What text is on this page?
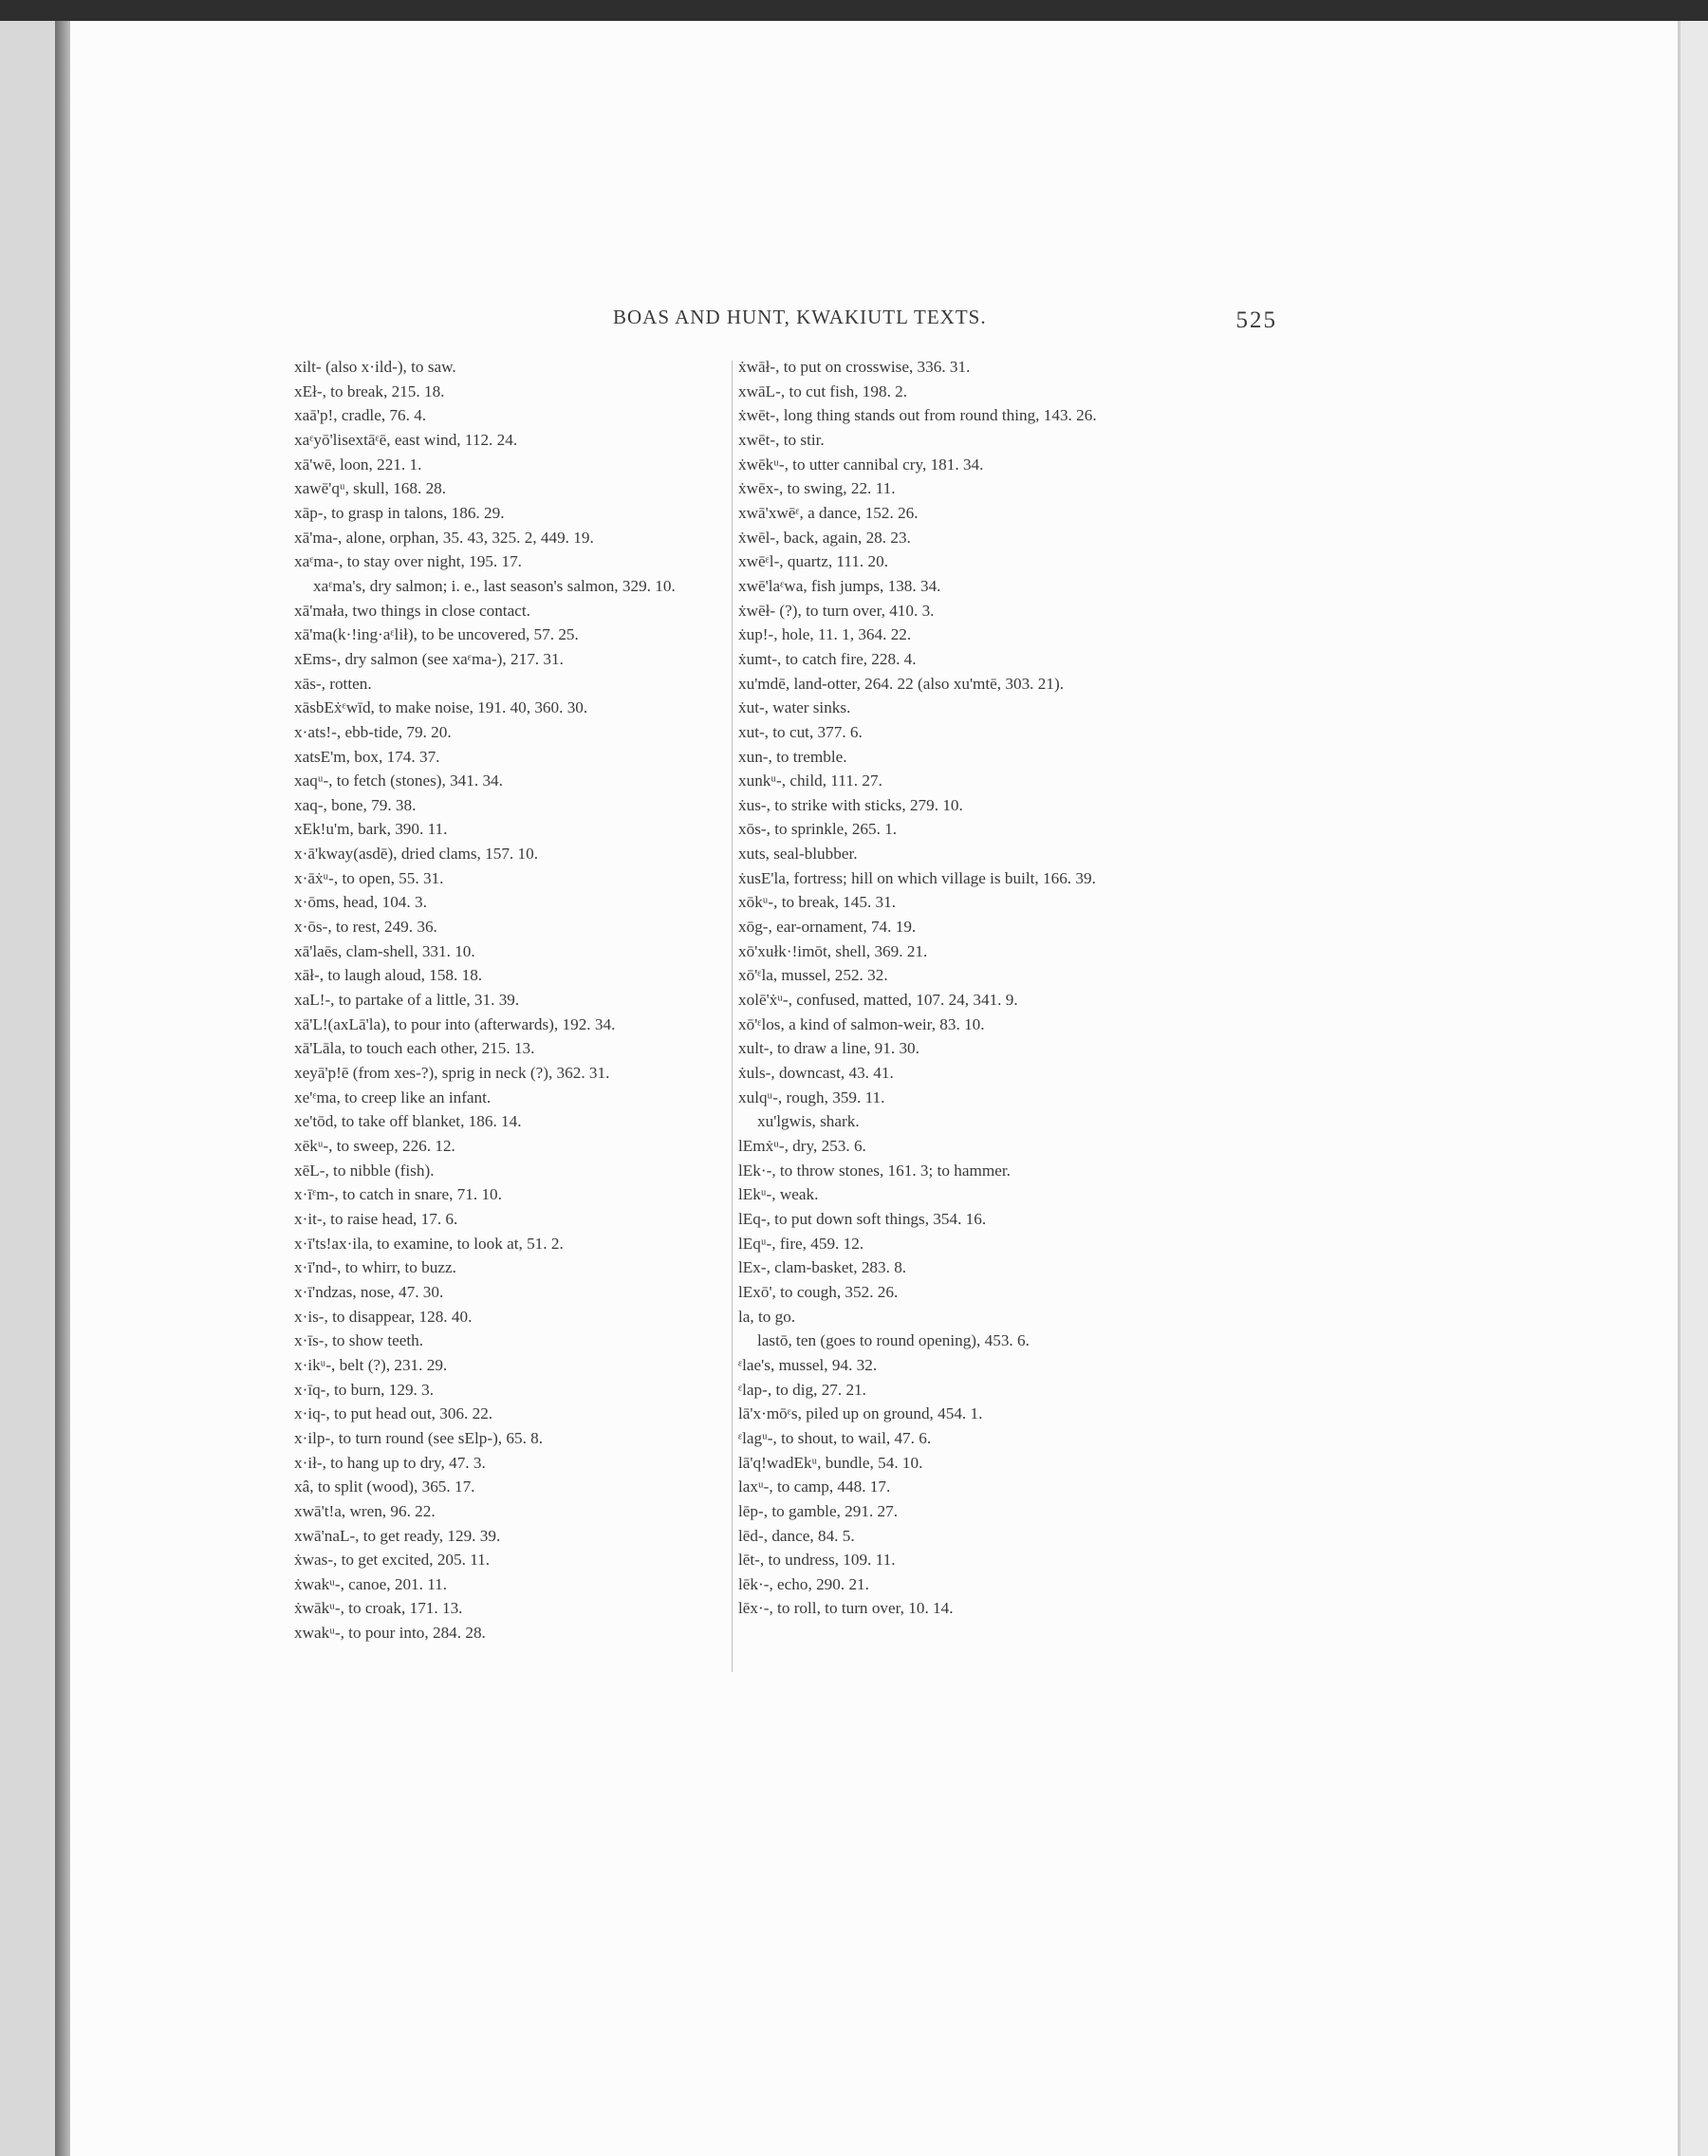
BOAS AND HUNT, KWAKIUTL TEXTS.	525
xilt- (also x·ild-), to saw.
xEł-, to break, 215. 18.
xaā'p!, cradle, 76. 4.
xaᵋyō'lisextāᵋē, east wind, 112. 24.
xā'wē, loon, 221. 1.
xawē'qᵘ, skull, 168. 28.
xāp-, to grasp in talons, 186. 29.
xā'ma-, alone, orphan, 35. 43, 325. 2, 449. 19.
xaᵋma-, to stay over night, 195. 17.
xaᵋma's, dry salmon; i. e., last season's salmon, 329. 10.
xā'mała, two things in close contact.
xā'ma(k·!ing·aᵋlił), to be uncovered, 57. 25.
xEms-, dry salmon (see xaᵋma-), 217. 31.
xās-, rotten.
xāsbEẋᵋwīd, to make noise, 191. 40, 360. 30.
x·ats!-, ebb-tide, 79. 20.
xatsE'm, box, 174. 37.
xaqᵘ-, to fetch (stones), 341. 34.
xaq-, bone, 79. 38.
xEk!u'm, bark, 390. 11.
x·ā'kway(asdē), dried clams, 157. 10.
x·āẋᵘ-, to open, 55. 31.
x·ōms, head, 104. 3.
x·ōs-, to rest, 249. 36.
xā'laēs, clam-shell, 331. 10.
xāł-, to laugh aloud, 158. 18.
xaL!-, to partake of a little, 31. 39.
xā'L!(axLā'la), to pour into (afterwards), 192. 34.
xā'Lāla, to touch each other, 215. 13.
xeyā'p!ē (from xes-?), sprig in neck (?), 362. 31.
xe'ᵋma, to creep like an infant.
xe'tōd, to take off blanket, 186. 14.
xēkᵘ-, to sweep, 226. 12.
xēL-, to nibble (fish).
x·īᵋm-, to catch in snare, 71. 10.
x·it-, to raise head, 17. 6.
x·ī'ts!ax·ila, to examine, to look at, 51. 2.
x·ī'nd-, to whirr, to buzz.
x·ī'ndzas, nose, 47. 30.
x·is-, to disappear, 128. 40.
x·īs-, to show teeth.
x·ikᵘ-, belt (?), 231. 29.
x·īq-, to burn, 129. 3.
x·iq-, to put head out, 306. 22.
x·ilp-, to turn round (see sElp-), 65. 8.
x·ił-, to hang up to dry, 47. 3.
xâ, to split (wood), 365. 17.
xwā't!a, wren, 96. 22.
xwā'naL-, to get ready, 129. 39.
ẋwas-, to get excited, 205. 11.
ẋwakᵘ-, canoe, 201. 11.
ẋwākᵘ-, to croak, 171. 13.
xwakᵘ-, to pour into, 284. 28.
ẋwāł-, to put on crosswise, 336. 31.
xwāL-, to cut fish, 198. 2.
ẋwēt-, long thing stands out from round thing, 143. 26.
xwēt-, to stir.
ẋwēkᵘ-, to utter cannibal cry, 181. 34.
ẋwēx-, to swing, 22. 11.
xwā'xwēᵋ, a dance, 152. 26.
ẋwēl-, back, again, 28. 23.
xwēᵋl-, quartz, 111. 20.
xwē'laᵋwa, fish jumps, 138. 34.
ẋwēł- (?), to turn over, 410. 3.
ẋup!-, hole, 11. 1, 364. 22.
ẋumt-, to catch fire, 228. 4.
xu'mdē, land-otter, 264. 22 (also xu'mtē, 303. 21).
ẋut-, water sinks.
xut-, to cut, 377. 6.
xun-, to tremble.
xunkᵘ-, child, 111. 27.
ẋus-, to strike with sticks, 279. 10.
xōs-, to sprinkle, 265. 1.
xuts, seal-blubber.
ẋusE'la, fortress; hill on which village is built, 166. 39.
xōkᵘ-, to break, 145. 31.
xōg-, ear-ornament, 74. 19.
xō'xułk·!imōt, shell, 369. 21.
xō'ᵋla, mussel, 252. 32.
xolē'ẋᵘ-, confused, matted, 107. 24, 341. 9.
xō'ᵋlos, a kind of salmon-weir, 83. 10.
xult-, to draw a line, 91. 30.
ẋuls-, downcast, 43. 41.
xulqᵘ-, rough, 359. 11.
xu'lgwis, shark.
lEmẋᵘ-, dry, 253. 6.
lEk·-, to throw stones, 161. 3; to hammer.
lEkᵘ-, weak.
lEq-, to put down soft things, 354. 16.
lEqᵘ-, fire, 459. 12.
lEx-, clam-basket, 283. 8.
lExō', to cough, 352. 26.
la, to go.
lastō, ten (goes to round opening), 453. 6.
ᵋlae's, mussel, 94. 32.
ᵋlap-, to dig, 27. 21.
lā'x·mōᵋs, piled up on ground, 454. 1.
ᵋlagᵘ-, to shout, to wail, 47. 6.
lā'q!wadEkᵘ, bundle, 54. 10.
laxᵘ-, to camp, 448. 17.
lēp-, to gamble, 291. 27.
lēd-, dance, 84. 5.
lēt-, to undress, 109. 11.
lēk·-, echo, 290. 21.
lēx·-, to roll, to turn over, 10. 14.
